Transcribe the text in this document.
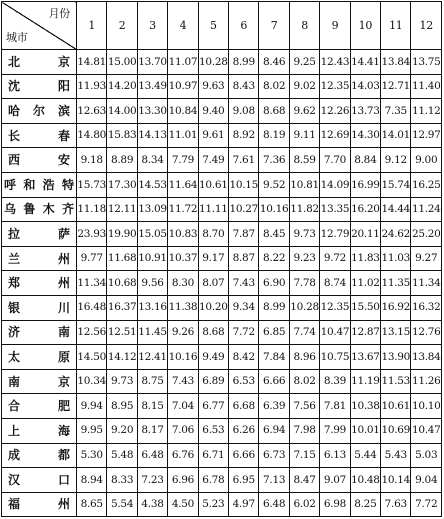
月份
城市	1	2	3	4	5	6	7	8	9	10	11	12

北 京	14.81	15.00	13.70	11.07	10.28	8.99	8.46	9.25	12.43	14.41	13.84	13.75

沈 阳	11.93	14.20	13.49	10.97	9.63	8.43	8.02	9.02	12.35	14.03	12.71	11.40

哈 尔 滨	12.63	14.00	13.30	10.84	9.40	9.08	8.68	9.62	12.26	13.73	7.35	11.12

长 春	14.80	15.83	14.13	11.01	9.61	8.92	8.19	9.11	12.69	14.30	14.01	12.97

西 安	9.18	8.89	8.34	7.79	7.49	7.61	7.36	8.59	7.70	8.84	9.12	9.00

呼 和 浩 特	15.73	17.30	14.53	11.64	10.61	10.15	9.52	10.81	14.09	16.99	15.74	16.25

乌 鲁 木 齐	11.18	12.11	13.09	11.72	11.11	10.27	10.16	11.82	13.35	16.20	14.44	11.24

拉 萨	23.93	19.90	15.05	10.83	8.70	7.87	8.45	9.73	12.79	20.11	24.62	25.20

兰 州	9.77	11.68	10.91	10.37	9.17	8.87	8.22	9.23	9.72	11.83	11.03	9.27

郑 州	11.34	10.68	9.56	8.30	8.07	7.43	6.90	7.78	8.74	11.02	11.35	11.34

银 川	16.48	16.37	13.16	11.38	10.20	9.34	8.99	10.28	12.35	15.50	16.92	16.32

济 南	12.56	12.51	11.45	9.26	8.68	7.72	6.85	7.74	10.47	12.87	13.15	12.76

太 原	14.50	14.12	12.41	10.16	9.49	8.42	7.84	8.96	10.75	13.67	13.90	13.84

南 京	10.34	9.73	8.75	7.43	6.89	6.53	6.66	8.02	8.39	11.19	11.53	11.26

合 肥	9.94	8.95	8.15	7.04	6.77	6.68	6.39	7.56	7.81	10.38	10.61	10.10

上 海	9.95	9.20	8.17	7.06	6.53	6.26	6.94	7.98	7.99	10.01	10.69	10.47

成 都	5.30	5.48	6.48	6.76	6.71	6.66	6.73	7.15	6.13	5.44	5.43	5.03

汉 口	8.94	8.33	7.23	6.96	6.78	6.95	7.13	8.47	9.07	10.48	10.14	9.04

福 州	8.65	5.54	4.38	4.50	5.23	4.97	6.48	6.02	6.98	8.25	7.63	7.72
